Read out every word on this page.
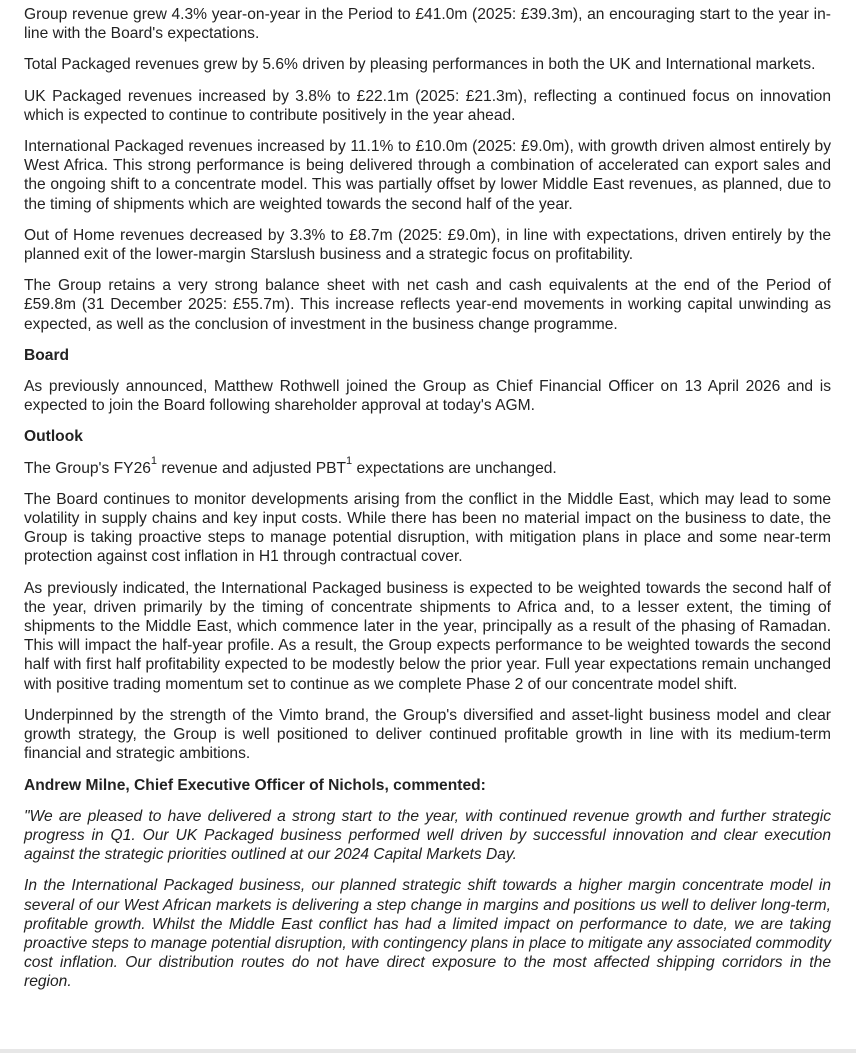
Group revenue grew 4.3% year-on-year in the Period to £41.0m (2025: £39.3m), an encouraging start to the year in-line with the Board's expectations.

Total Packaged revenues grew by 5.6% driven by pleasing performances in both the UK and International markets.

UK Packaged revenues increased by 3.8% to £22.1m (2025: £21.3m), reflecting a continued focus on innovation which is expected to continue to contribute positively in the year ahead.

International Packaged revenues increased by 11.1% to £10.0m (2025: £9.0m), with growth driven almost entirely by West Africa. This strong performance is being delivered through a combination of accelerated can export sales and the ongoing shift to a concentrate model. This was partially offset by lower Middle East revenues, as planned, due to the timing of shipments which are weighted towards the second half of the year.

Out of Home revenues decreased by 3.3% to £8.7m (2025: £9.0m), in line with expectations, driven entirely by the planned exit of the lower-margin Starslush business and a strategic focus on profitability.

The Group retains a very strong balance sheet with net cash and cash equivalents at the end of the Period of £59.8m (31 December 2025: £55.7m). This increase reflects year-end movements in working capital unwinding as expected, as well as the conclusion of investment in the business change programme.

Board

As previously announced, Matthew Rothwell joined the Group as Chief Financial Officer on 13 April 2026 and is expected to join the Board following shareholder approval at today's AGM.

Outlook

The Group's $FY26^1$ revenue and adjusted PBT$^1$ expectations are unchanged.

The Board continues to monitor developments arising from the conflict in the Middle East, which may lead to some volatility in supply chains and key input costs. While there has been no material impact on the business to date, the Group is taking proactive steps to manage potential disruption, with mitigation plans in place and some near-term protection against cost inflation in H1 through contractual cover.

As previously indicated, the International Packaged business is expected to be weighted towards the second half of the year, driven primarily by the timing of concentrate shipments to Africa and, to a lesser extent, the timing of shipments to the Middle East, which commence later in the year, principally as a result of the phasing of Ramadan. This will impact the half-year profile. As a result, the Group expects performance to be weighted towards the second half with first half profitability expected to be modestly below the prior year. Full year expectations remain unchanged with positive trading momentum set to continue as we complete Phase 2 of our concentrate model shift.

Underpinned by the strength of the Vimto brand, the Group's diversified and asset-light business model and clear growth strategy, the Group is well positioned to deliver continued profitable growth in line with its medium-term financial and strategic ambitions.

Andrew Milne, Chief Executive Officer of Nichols, commented:

"We are pleased to have delivered a strong start to the year, with continued revenue growth and further strategic progress in Q1. Our UK Packaged business performed well driven by successful innovation and clear execution against the strategic priorities outlined at our 2024 Capital Markets Day.

In the International Packaged business, our planned strategic shift towards a higher margin concentrate model in several of our West African markets is delivering a step change in margins and positions us well to deliver long-term, profitable growth. Whilst the Middle East conflict has had a limited impact on performance to date, we are taking proactive steps to manage potential disruption, with contingency plans in place to mitigate any associated commodity cost inflation. Our distribution routes do not have direct exposure to the most affected shipping corridors in the region.
